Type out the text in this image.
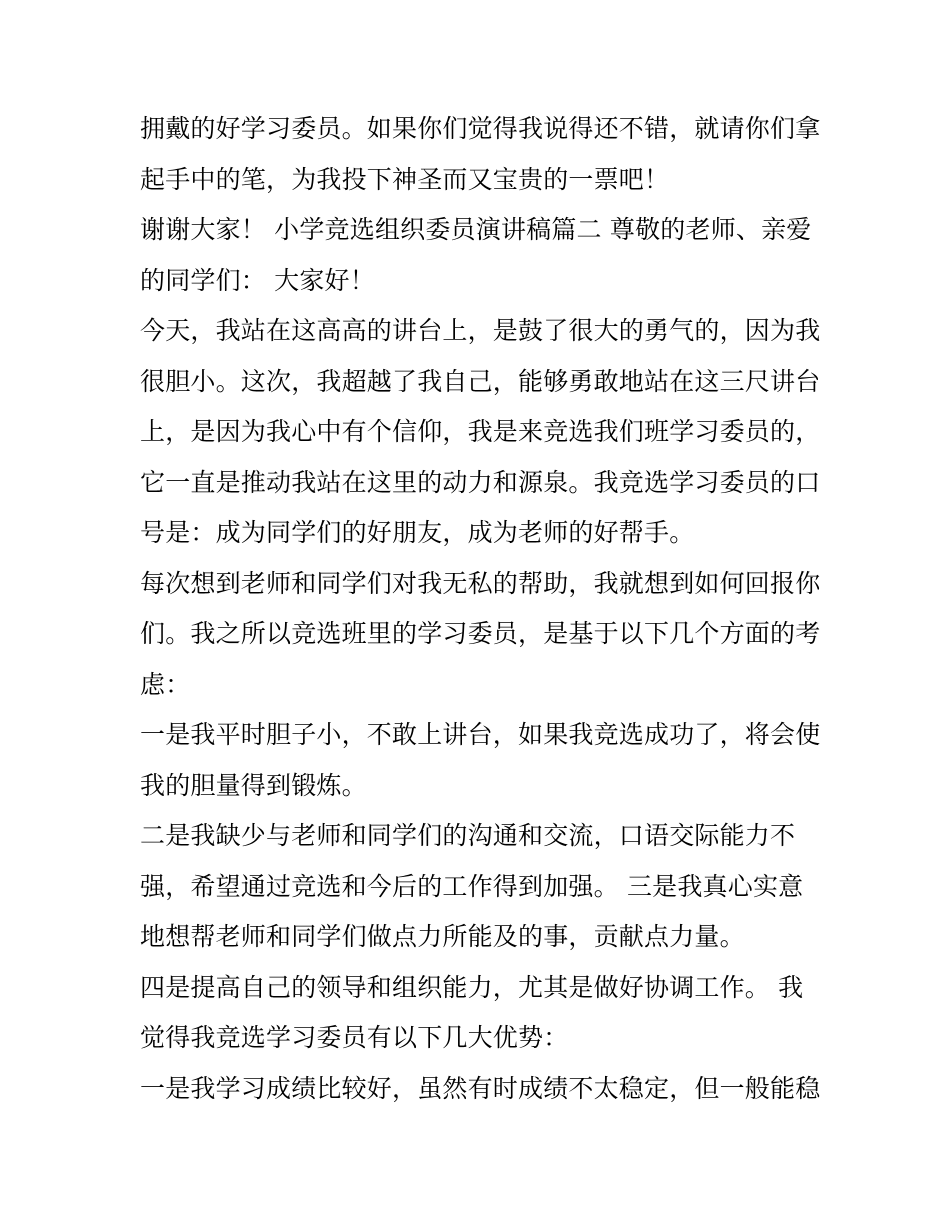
拥戴的好学习委员。如果你们觉得我说得还不错，就请你们拿
起手中的笔，为我投下神圣而又宝贵的一票吧！
谢谢大家！ 小学竞选组织委员演讲稿篇二 尊敬的老师、亲爱
的同学们： 大家好！
今天，我站在这高高的讲台上，是鼓了很大的勇气的，因为我
很胆小。这次，我超越了我自己，能够勇敢地站在这三尺讲台
上，是因为我心中有个信仰，我是来竞选我们班学习委员的，
它一直是推动我站在这里的动力和源泉。我竞选学习委员的口
号是：成为同学们的好朋友，成为老师的好帮手。
每次想到老师和同学们对我无私的帮助，我就想到如何回报你
们。我之所以竞选班里的学习委员，是基于以下几个方面的考
虑：
一是我平时胆子小，不敢上讲台，如果我竞选成功了，将会使
我的胆量得到锻炼。
二是我缺少与老师和同学们的沟通和交流，口语交际能力不
强，希望通过竞选和今后的工作得到加强。 三是我真心实意
地想帮老师和同学们做点力所能及的事，贡献点力量。
四是提高自己的领导和组织能力，尤其是做好协调工作。 我
觉得我竞选学习委员有以下几大优势：
一是我学习成绩比较好，虽然有时成绩不太稳定，但一般能稳
